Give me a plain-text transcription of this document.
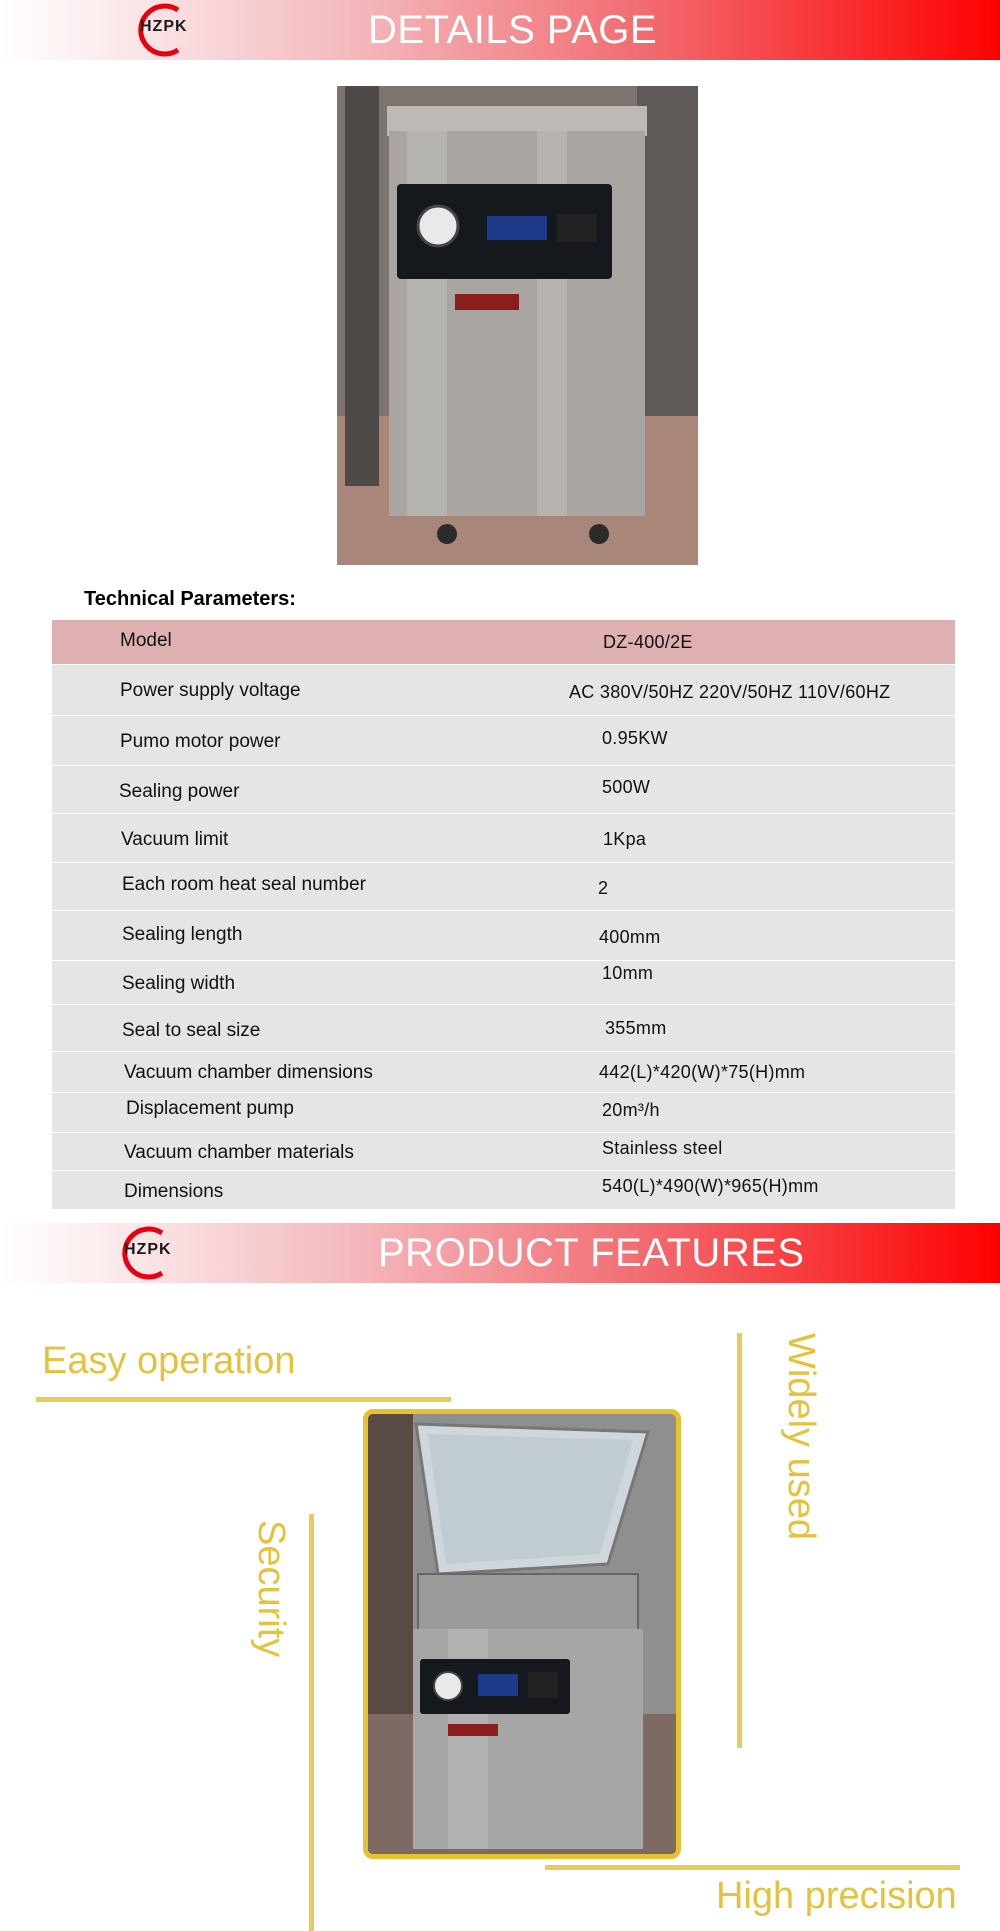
HZPK	DETAILS PAGE
Technical Parameters:
Model	DZ-400/2E
Power supply voltage	AC 380V/50HZ 220V/50HZ 110V/60HZ
Pumo motor power	0.95KW
Sealing power	500W
Vacuum limit	1Kpa
Each room heat seal number	2
Sealing length	400mm
Sealing width	10mm
Seal to seal size	355mm
Vacuum chamber dimensions	442(L)*420(W)*75(H)mm
Displacement pump	20m³/h
Vacuum chamber materials	Stainless steel
Dimensions	540(L)*490(W)*965(H)mm
HZPK	PRODUCT FEATURES
Easy operation	Widely used
Security
High precision
